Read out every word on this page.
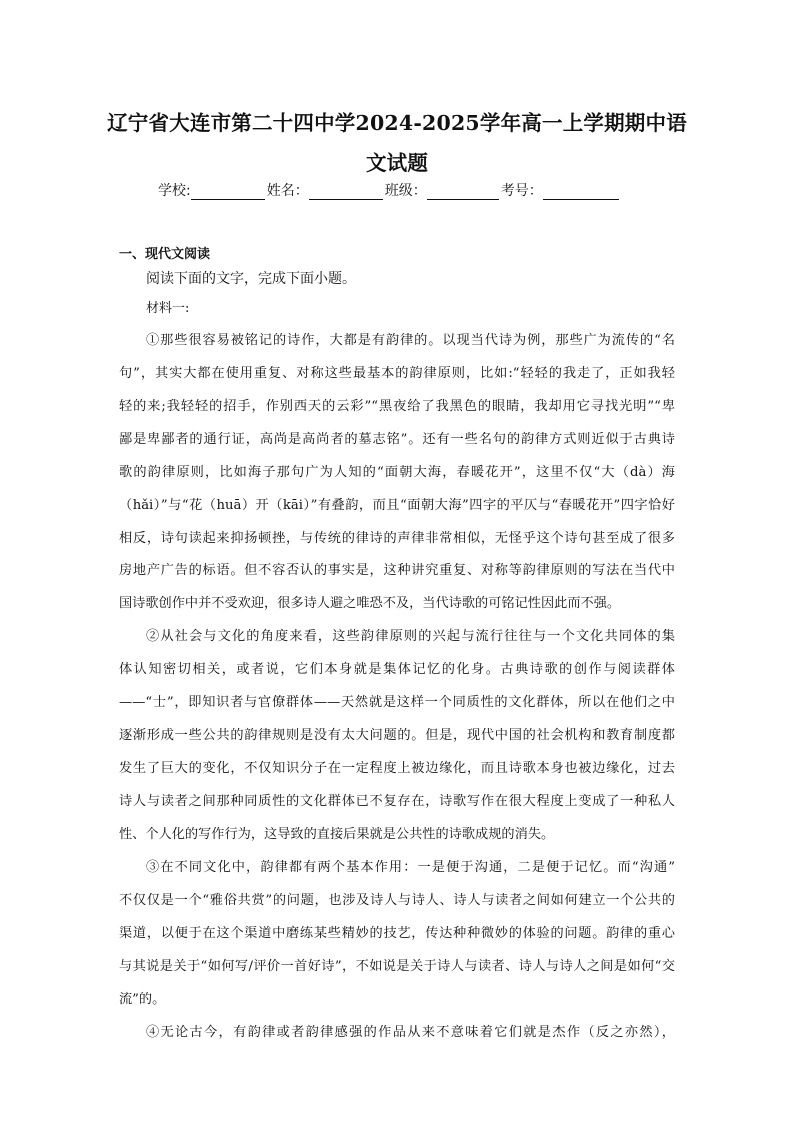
辽宁省大连市第二十四中学2024-2025学年高一上学期期中语
文试题
学校:	姓名：	班级：	考号：
一、现代文阅读
阅读下面的文字，完成下面小题。
材料一:
①那些很容易被铭记的诗作，大都是有韵律的。以现当代诗为例，那些广为流传的“名
句”，其实大都在使用重复、对称这些最基本的韵律原则，比如:“轻轻的我走了，正如我轻
轻的来;我轻轻的招手，作别西天的云彩”“黑夜给了我黑色的眼睛，我却用它寻找光明”“卑
鄙是卑鄙者的通行证，高尚是高尚者的墓志铭”。还有一些名句的韵律方式则近似于古典诗
歌的韵律原则，比如海子那句广为人知的“面朝大海，春暖花开”，这里不仅“大（dà）海
（hǎi）”与“花（huā）开（kāi）”有叠韵，而且“面朝大海”四字的平仄与“春暖花开”四字恰好
相反，诗句读起来抑扬顿挫，与传统的律诗的声律非常相似，无怪乎这个诗句甚至成了很多
房地产广告的标语。但不容否认的事实是，这种讲究重复、对称等韵律原则的写法在当代中
国诗歌创作中并不受欢迎，很多诗人避之唯恐不及，当代诗歌的可铭记性因此而不强。
②从社会与文化的角度来看，这些韵律原则的兴起与流行往往与一个文化共同体的集
体认知密切相关，或者说，它们本身就是集体记忆的化身。古典诗歌的创作与阅读群体
——“士”，即知识者与官僚群体——天然就是这样一个同质性的文化群体，所以在他们之中
逐渐形成一些公共的韵律规则是没有太大问题的。但是，现代中国的社会机构和教育制度都
发生了巨大的变化，不仅知识分子在一定程度上被边缘化，而且诗歌本身也被边缘化，过去
诗人与读者之间那种同质性的文化群体已不复存在，诗歌写作在很大程度上变成了一种私人
性、个人化的写作行为，这导致的直接后果就是公共性的诗歌成规的消失。
③在不同文化中，韵律都有两个基本作用：一是便于沟通，二是便于记忆。而“沟通”
不仅仅是一个“雅俗共赏”的问题，也涉及诗人与诗人、诗人与读者之间如何建立一个公共的
渠道，以便于在这个渠道中磨练某些精妙的技艺，传达种种微妙的体验的问题。韵律的重心
与其说是关于“如何写/评价一首好诗”，不如说是关于诗人与读者、诗人与诗人之间是如何“交
流”的。
④无论古今，有韵律或者韵律感强的作品从来不意味着它们就是杰作（反之亦然），
